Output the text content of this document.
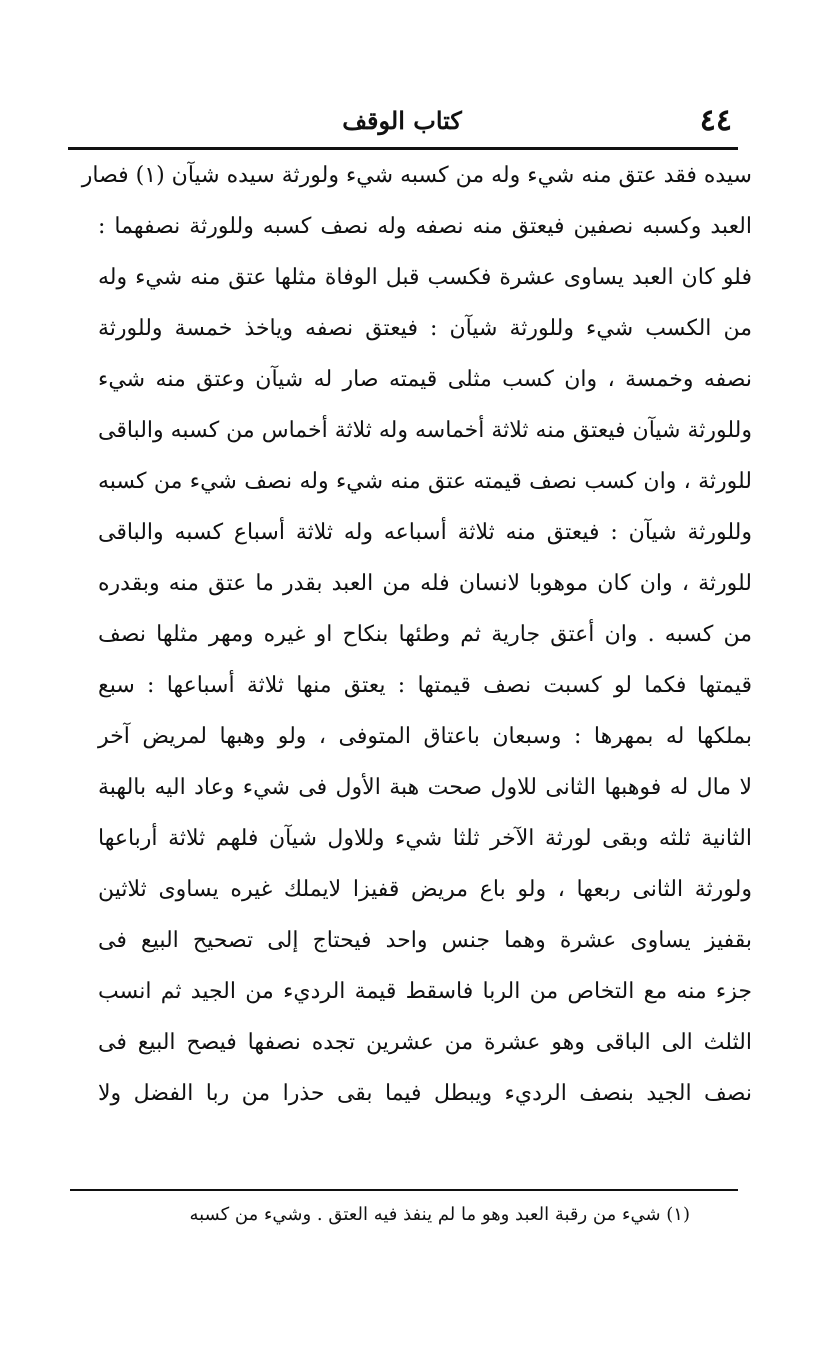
٤٤
كتاب الوقف
سيده فقد عتق منه شيء وله من كسبه شيء ولورثة سيده شيآن (١) فصار
العبد وكسبه نصفين فيعتق منه نصفه وله نصف كسبه وللورثة نصفهما :
فلو كان العبد يساوى عشرة فكسب قبل الوفاة مثلها عتق منه شيء وله
من الكسب شيء وللورثة شيآن : فيعتق نصفه وياخذ خمسة وللورثة
نصفه وخمسة ، وان كسب مثلى قيمته صار له شيآن وعتق منه شيء
وللورثة شيآن فيعتق منه ثلاثة أخماسه وله ثلاثة أخماس من كسبه والباقى
للورثة ، وان كسب نصف قيمته عتق منه شيء وله نصف شيء من كسبه
وللورثة شيآن : فيعتق منه ثلاثة أسباعه وله ثلاثة أسباع كسبه والباقى
للورثة ، وان كان موهوبا لانسان فله من العبد بقدر ما عتق منه وبقدره
من كسبه . وان أعتق جارية ثم وطئها بنكاح او غيره ومهر مثلها نصف
قيمتها فكما لو كسبت نصف قيمتها : يعتق منها ثلاثة أسباعها : سبع
بملكها له بمهرها : وسبعان باعتاق المتوفى ، ولو وهبها لمريض آخر
لا مال له فوهبها الثانى للاول صحت هبة الأول فى شيء وعاد اليه بالهبة
الثانية ثلثه وبقى لورثة الآخر ثلثا شيء وللاول شيآن فلهم ثلاثة أرباعها
ولورثة الثانى ربعها ، ولو باع مريض قفيزا لايملك غيره يساوى ثلاثين
بقفيز يساوى عشرة وهما جنس واحد فيحتاج إلى تصحيح البيع فى
جزء منه مع التخاص من الربا فاسقط قيمة الرديء من الجيد ثم انسب
الثلث الى الباقى وهو عشرة من عشرين تجده نصفها فيصح البيع فى
نصف الجيد بنصف الرديء ويبطل فيما بقى حذرا من ربا الفضل ولا
(١) شيء من رقبة العبد وهو ما لم ينفذ فيه العتق . وشيء من كسبه
